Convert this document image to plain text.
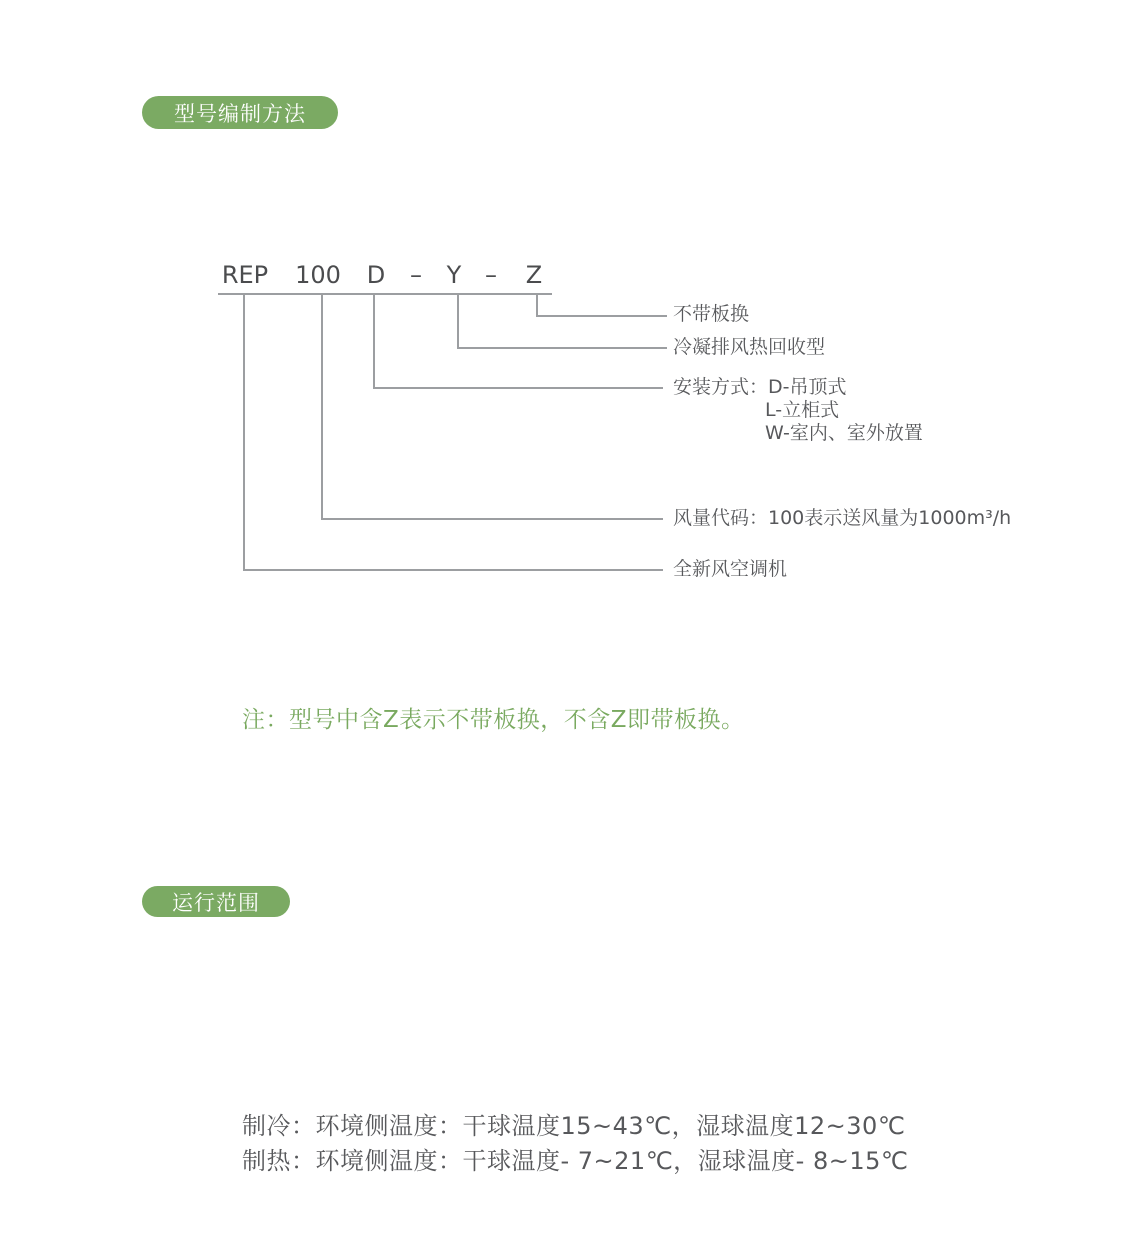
型号编制方法
REP 100 D – Y – Z
不带板换
冷凝排风热回收型
安装方式：D-吊顶式
L-立柜式
W-室内、室外放置
风量代码：100表示送风量为1000m³/h
全新风空调机
注：型号中含Z表示不带板换，不含Z即带板换。
运行范围
制冷：环境侧温度：干球温度15~43℃，湿球温度12~30℃
制热：环境侧温度：干球温度- 7~21℃，湿球温度- 8~15℃
